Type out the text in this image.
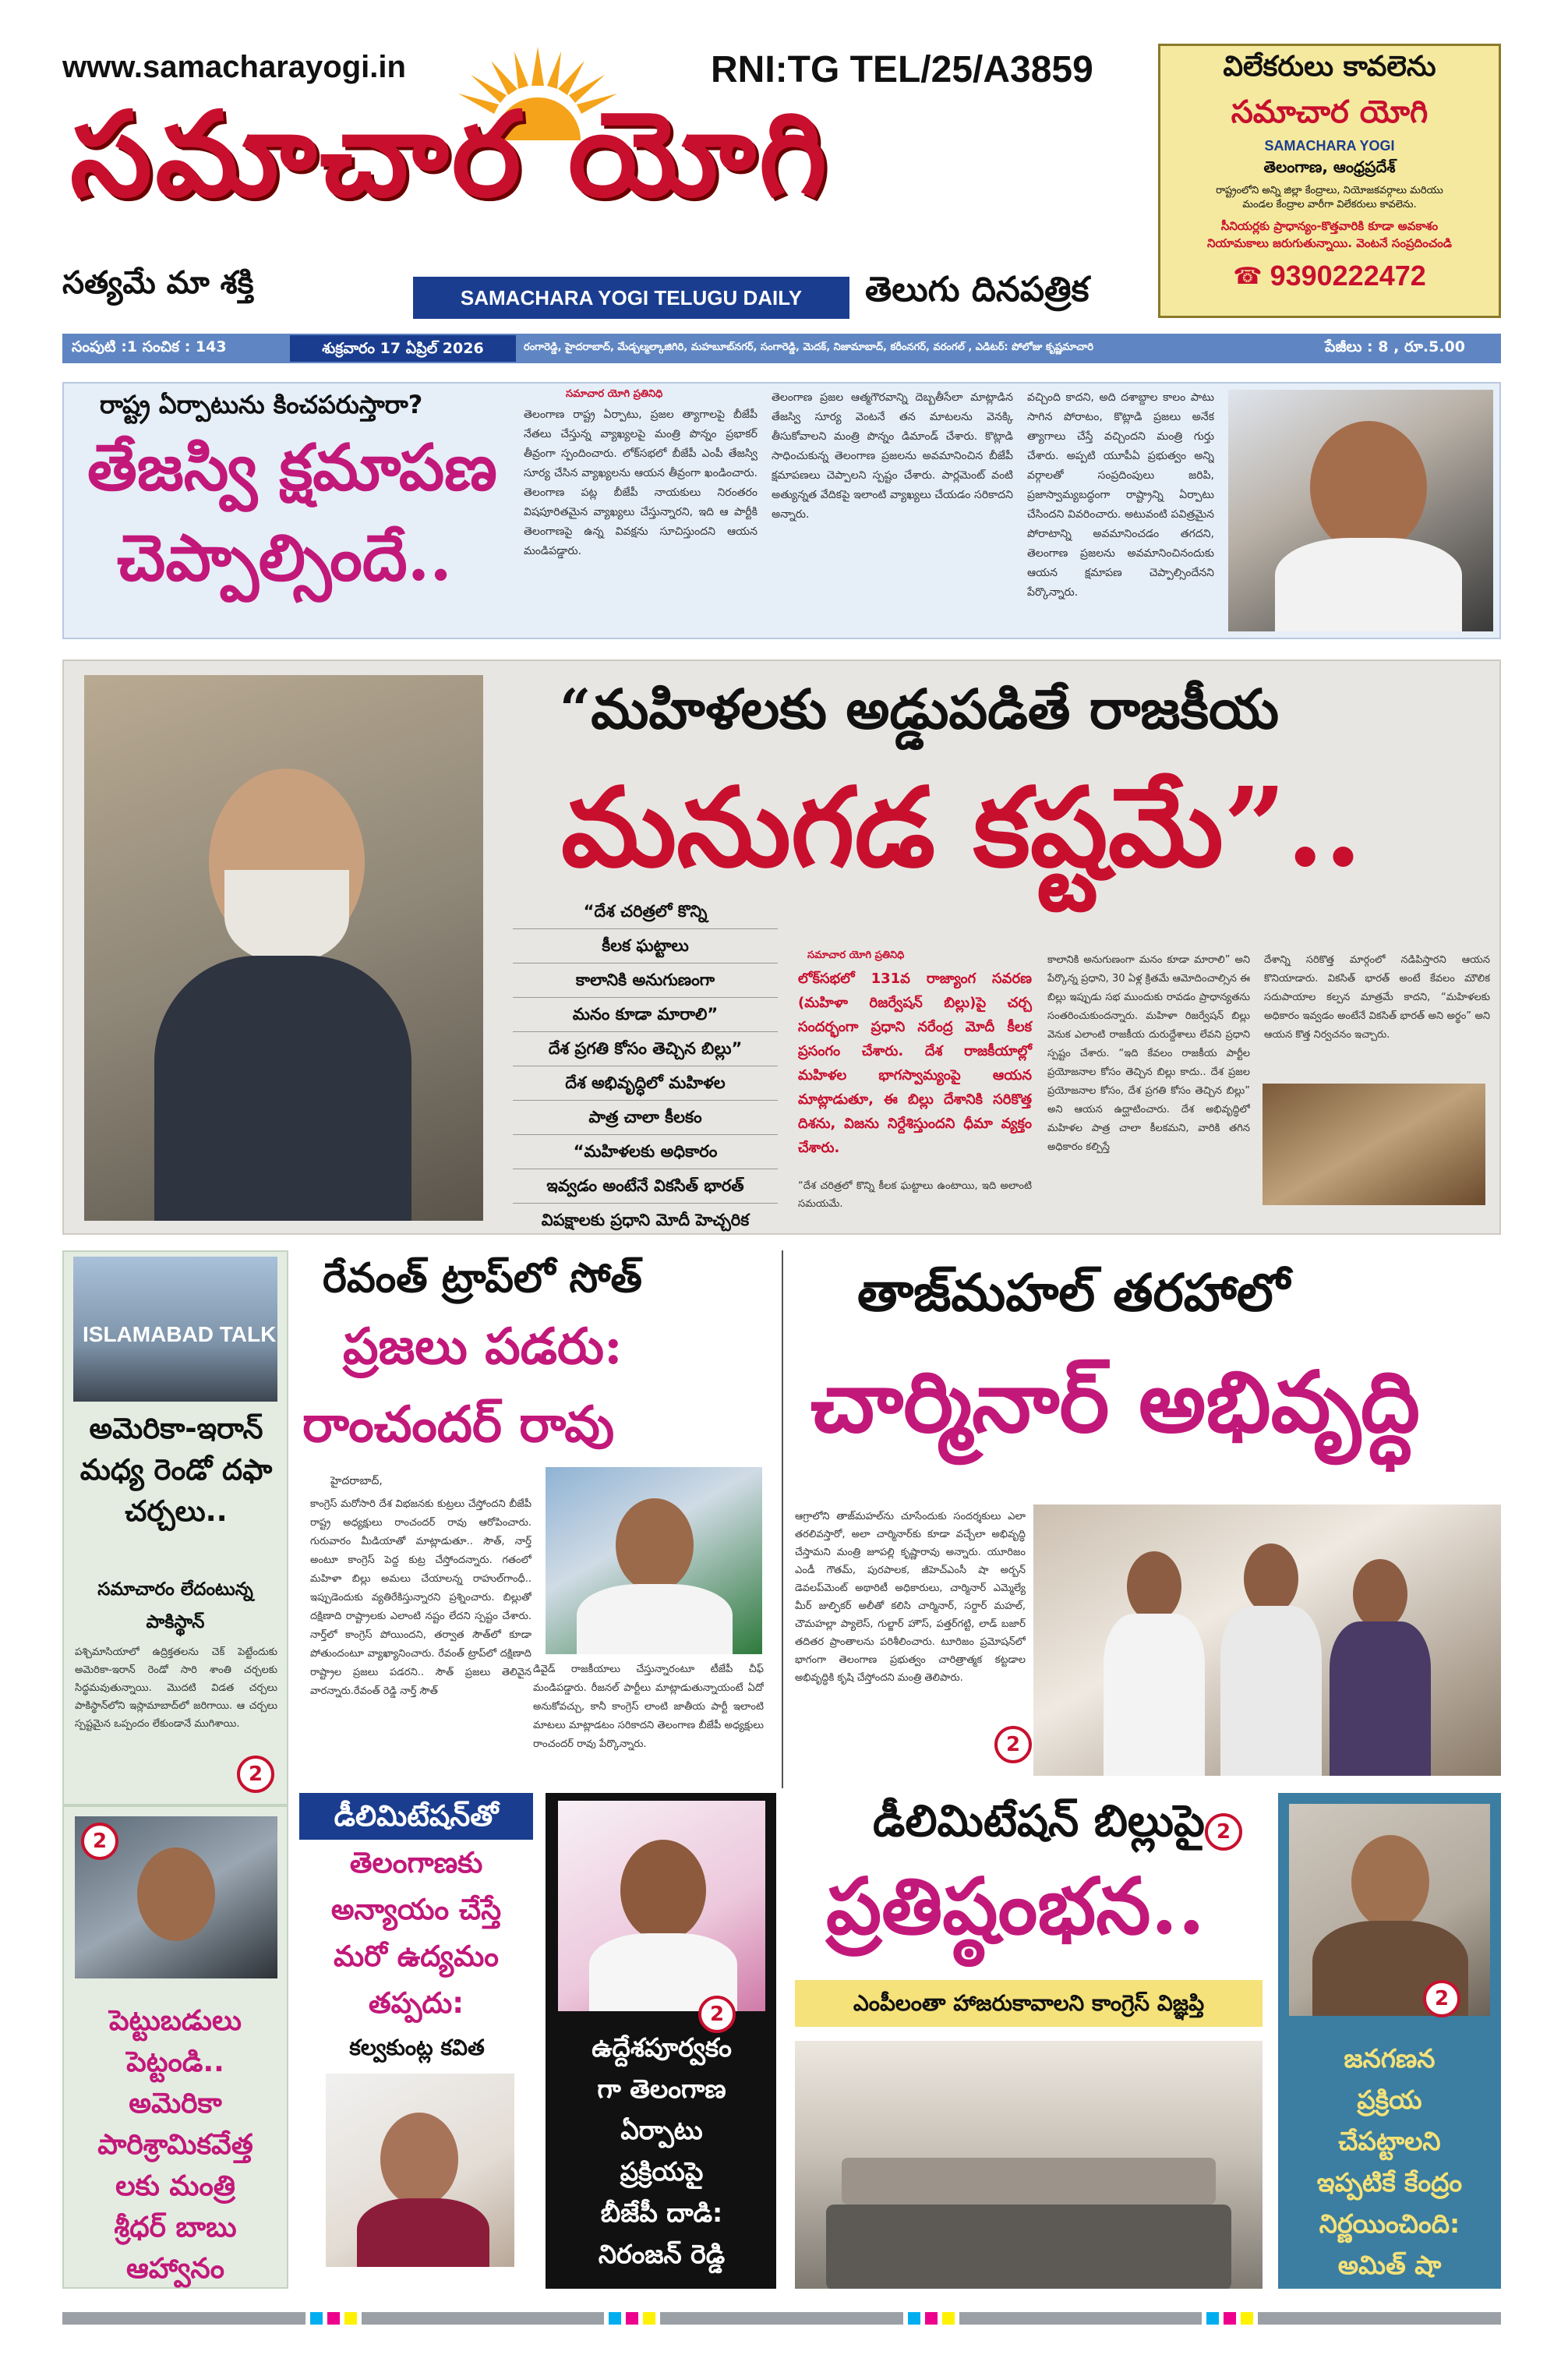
www.samacharayogi.in	RNI:TG TEL/25/A3859
సమాచార యోగి
సత్యమే మా శక్తి	SAMACHARA YOGI TELUGU DAILY	తెలుగు దినపత్రిక
విలేకరులు కావలెను
సమాచార యోగి
SAMACHARA YOGI
తెలంగాణ, ఆంధ్రప్రదేశ్
రాష్ట్రంలోని అన్ని జిల్లా కేంద్రాలు, నియోజకవర్గాలు మరియు
మండల కేంద్రాల వారీగా విలేకరులు కావలెను.
సీనియర్లకు ప్రాధాన్యం-కొత్తవారికి కూడా అవకాశం
నియామకాలు జరుగుతున్నాయి. వెంటనే సంప్రదించండి
☎ 9390222472
సంపుటి :1 సంచిక : 143	శుక్రవారం 17 ఏప్రిల్ 2026	రంగారెడ్డి, హైదరాబాద్, మేడ్చల్మల్కాజిగిరి, మహబూబ్‌నగర్, సంగారెడ్డి, మెదక్, నిజామాబాద్, కరీంనగర్, వరంగల్ , ఎడిటర్: పోలోజు కృష్ణమాచారి	పేజీలు : 8 , రూ.5.00
రాష్ట్ర ఏర్పాటును కించపరుస్తారా?
తేజస్వి క్షమాపణ
చెప్పాల్సిందే..
సమాచార యోగి ప్రతినిధి
తెలంగాణ రాష్ట్ర ఏర్పాటు, ప్రజల త్యాగాలపై బీజేపీ నేతలు చేస్తున్న వ్యాఖ్యలపై మంత్రి పొన్నం ప్రభాకర్ తీవ్రంగా స్పందించారు. లోక్‌సభలో బీజేపీ ఎంపీ తేజస్వి సూర్య చేసిన వ్యాఖ్యలను ఆయన తీవ్రంగా ఖండించారు. తెలంగాణ పట్ల బీజేపీ నాయకులు నిరంతరం విషపూరితమైన వ్యాఖ్యలు చేస్తున్నారని, ఇది ఆ పార్టీకి తెలంగాణపై ఉన్న వివక్షను సూచిస్తుందని ఆయన మండిపడ్డారు.
తెలంగాణ ప్రజల ఆత్మగౌరవాన్ని దెబ్బతీసేలా మాట్లాడిన తేజస్వి సూర్య వెంటనే తన మాటలను వెనక్కి తీసుకోవాలని మంత్రి పొన్నం డిమాండ్ చేశారు. కొట్లాడి సాధించుకున్న తెలంగాణ ప్రజలను అవమానించిన బీజేపీ క్షమాపణలు చెప్పాలని స్పష్టం చేశారు. పార్లమెంట్ వంటి అత్యున్నత వేదికపై ఇలాంటి వ్యాఖ్యలు చేయడం సరికాదని అన్నారు.
వచ్చింది కాదని, అది దశాబ్దాల కాలం పాటు సాగిన పోరాటం, కొట్లాడి ప్రజలు అనేక త్యాగాలు చేస్తే వచ్చిందని మంత్రి గుర్తు చేశారు. అప్పటి యూపీఏ ప్రభుత్వం అన్ని వర్గాలతో సంప్రదింపులు జరిపి, ప్రజాస్వామ్యబద్ధంగా రాష్ట్రాన్ని ఏర్పాటు చేసిందని వివరించారు. అటువంటి పవిత్రమైన పోరాటాన్ని అవమానించడం తగదని, తెలంగాణ ప్రజలను అవమానించినందుకు ఆయన క్షమాపణ చెప్పాల్సిందేనని పేర్కొన్నారు.
“మహిళలకు అడ్డుపడితే రాజకీయ
మనుగడ కష్టమే”..
“దేశ చరిత్రలో కొన్ని
కీలక ఘట్టాలు
కాలానికి అనుగుణంగా
మనం కూడా మారాలి”
దేశ ప్రగతి కోసం తెచ్చిన బిల్లు”
దేశ అభివృద్ధిలో మహిళల
పాత్ర చాలా కీలకం
“మహిళలకు అధికారం
ఇవ్వడం అంటేనే వికసిత్ భారత్
విపక్షాలకు ప్రధాని మోదీ హెచ్చరిక
సమాచార యోగి ప్రతినిధి
లోక్‌సభలో 131వ రాజ్యాంగ సవరణ (మహిళా రిజర్వేషన్ బిల్లు)పై చర్చ సందర్భంగా ప్రధాని నరేంద్ర మోదీ కీలక ప్రసంగం చేశారు. దేశ రాజకీయాల్లో మహిళల భాగస్వామ్యంపై ఆయన మాట్లాడుతూ, ఈ బిల్లు దేశానికి సరికొత్త దిశను, విజను నిర్దేశిస్తుందని ధీమా వ్యక్తం చేశారు.
“దేశ చరిత్రలో కొన్ని కీలక ఘట్టాలు ఉంటాయి, ఇది అలాంటి సమయమే.
కాలానికి అనుగుణంగా మనం కూడా మారాలి” అని పేర్కొన్న ప్రధాని, 30 ఏళ్ల క్రితమే ఆమోదించాల్సిన ఈ బిల్లు ఇప్పుడు సభ ముందుకు రావడం ప్రాధాన్యతను సంతరించుకుందన్నారు. మహిళా రిజర్వేషన్ బిల్లు వెనుక ఎలాంటి రాజకీయ దురుద్దేశాలు లేవని ప్రధాని స్పష్టం చేశారు. “ఇది కేవలం రాజకీయ పార్టీల ప్రయోజనాల కోసం తెచ్చిన బిల్లు కాదు.. దేశ ప్రజల ప్రయోజనాల కోసం, దేశ ప్రగతి కోసం తెచ్చిన బిల్లు” అని ఆయన ఉద్ఘాటించారు. దేశ అభివృద్ధిలో మహిళల పాత్ర చాలా కీలకమని, వారికి తగిన అధికారం కల్పిస్తే
దేశాన్ని సరికొత్త మార్గంలో నడిపిస్తారని ఆయన కొనియాడారు. వికసిత్ భారత్ అంటే కేవలం మౌలిక సదుపాయాల కల్పన మాత్రమే కాదని, “మహిళలకు అధికారం ఇవ్వడం అంటేనే వికసిత్ భారత్ అని అర్థం” అని ఆయన కొత్త నిర్వచనం ఇచ్చారు.
ISLAMABAD TALK
అమెరికా-ఇరాన్ మధ్య రెండో దఫా చర్చలు..
సమాచారం లేదంటున్న పాకిస్థాన్
పశ్చిమాసియాలో ఉద్రిక్తతలను చెక్ పెట్టేందుకు అమెరికా-ఇరాన్ రెండో సారి శాంతి చర్చలకు సిద్ధమవుతున్నాయి. మొదటి విడత చర్చలు పాకిస్థాన్‌లోని ఇస్లామాబాద్‌లో జరిగాయి. ఆ చర్చలు స్పష్టమైన ఒప్పందం లేకుండానే ముగిశాయి.
2
రేవంత్ ట్రాప్‌లో సోత్
ప్రజలు పడరు:
రాంచందర్ రావు
హైదరాబాద్,
కాంగ్రెస్ మరోసారి దేశ విభజనకు కుట్రలు చేస్తోందని బీజేపీ రాష్ట్ర అధ్యక్షులు రాంచందర్ రావు ఆరోపించారు. గురువారం మీడియాతో మాట్లాడుతూ.. సౌత్, నార్త్ అంటూ కాంగ్రెస్ పెద్ద కుట్ర చేస్తోందన్నారు. గతంలో మహిళా బిల్లు అమలు చేయాలన్న రాహుల్‌గాంధీ.. ఇప్పుడెందుకు వ్యతిరేకిస్తున్నారని ప్రశ్నించారు. బిల్లుతో దక్షిణాది రాష్ట్రాలకు ఎలాంటి నష్టం లేదని స్పష్టం చేశారు. నార్త్‌లో కాంగ్రెస్ పోయిందని, తర్వాత సౌత్‌లో కూడా పోతుందంటూ వ్యాఖ్యానించారు. రేవంత్ ట్రాప్‌లో దక్షిణాది రాష్ట్రాల ప్రజలు పడరని.. సౌత్ ప్రజలు తెలివైన వారన్నారు.రేవంత్ రెడ్డి నార్త్ సౌత్
డివైడ్ రాజకీయాలు చేస్తున్నారంటూ టీజేపీ చీఫ్ మండిపడ్డారు. రీజనల్ పార్టీలు మాట్లాడుతున్నాయంటే ఏదో అనుకోవచ్చు, కానీ కాంగ్రెస్ లాంటి జాతీయ పార్టీ ఇలాంటి మాటలు మాట్లాడటం సరికాదని తెలంగాణ బీజేపీ అధ్యక్షులు రాంచందర్ రావు పేర్కొన్నారు.
తాజ్‌మహల్ తరహాలో
చార్మినార్ అభివృద్ధి
ఆగ్రాలోని తాజ్‌మహల్‌ను చూసేందుకు సందర్శకులు ఎలా తరలివస్తారో, అలా చార్మినార్‌కు కూడా వచ్చేలా అభివృద్ధి చేస్తామని మంత్రి జూపల్లి కృష్ణారావు అన్నారు. యూరిజం ఎండీ గౌతమ్, పురపాలక, జీహెచ్ఎంసీ షా అర్బన్ డెవలప్‌మెంట్ అథారిటీ అధికారులు, చార్మినార్ ఎమ్మెల్యే మీర్ జుల్ఫికర్ అలీతో కలిసి చార్మినార్, సర్దార్ మహల్, చౌమహల్లా ప్యాలెస్, గుల్జార్ హౌస్, పత్తర్‌గట్టి, లాడ్ బజార్ తదితర ప్రాంతాలను పరిశీలించారు. టూరిజం ప్రమోషన్‌లో భాగంగా తెలంగాణ ప్రభుత్వం చారిత్రాత్మక కట్టడాల అభివృద్ధికి కృషి చేస్తోందని మంత్రి తెలిపారు.
2
2
పెట్టుబడులు
పెట్టండి..
అమెరికా
పారిశ్రామికవేత్త
లకు మంత్రి
శ్రీధర్ బాబు
ఆహ్వానం
డీలిమిటేషన్‌తో
తెలంగాణకు
అన్యాయం చేస్తే
మరో ఉద్యమం
తప్పదు:
కల్వకుంట్ల కవిత
2
ఉద్దేశపూర్వకం
గా తెలంగాణ
ఏర్పాటు
ప్రక్రియపై
బీజేపీ దాడి:
నిరంజన్ రెడ్డి
డీలిమిటేషన్ బిల్లుపై 2
ప్రతిష్ఠంభన..
ఎంపీలంతా హాజరుకావాలని కాంగ్రెస్ విజ్ఞప్తి	2
జనగణన
ప్రక్రియ
చేపట్టాలని
ఇప్పటికే కేంద్రం
నిర్ణయించింది:
అమిత్ షా
